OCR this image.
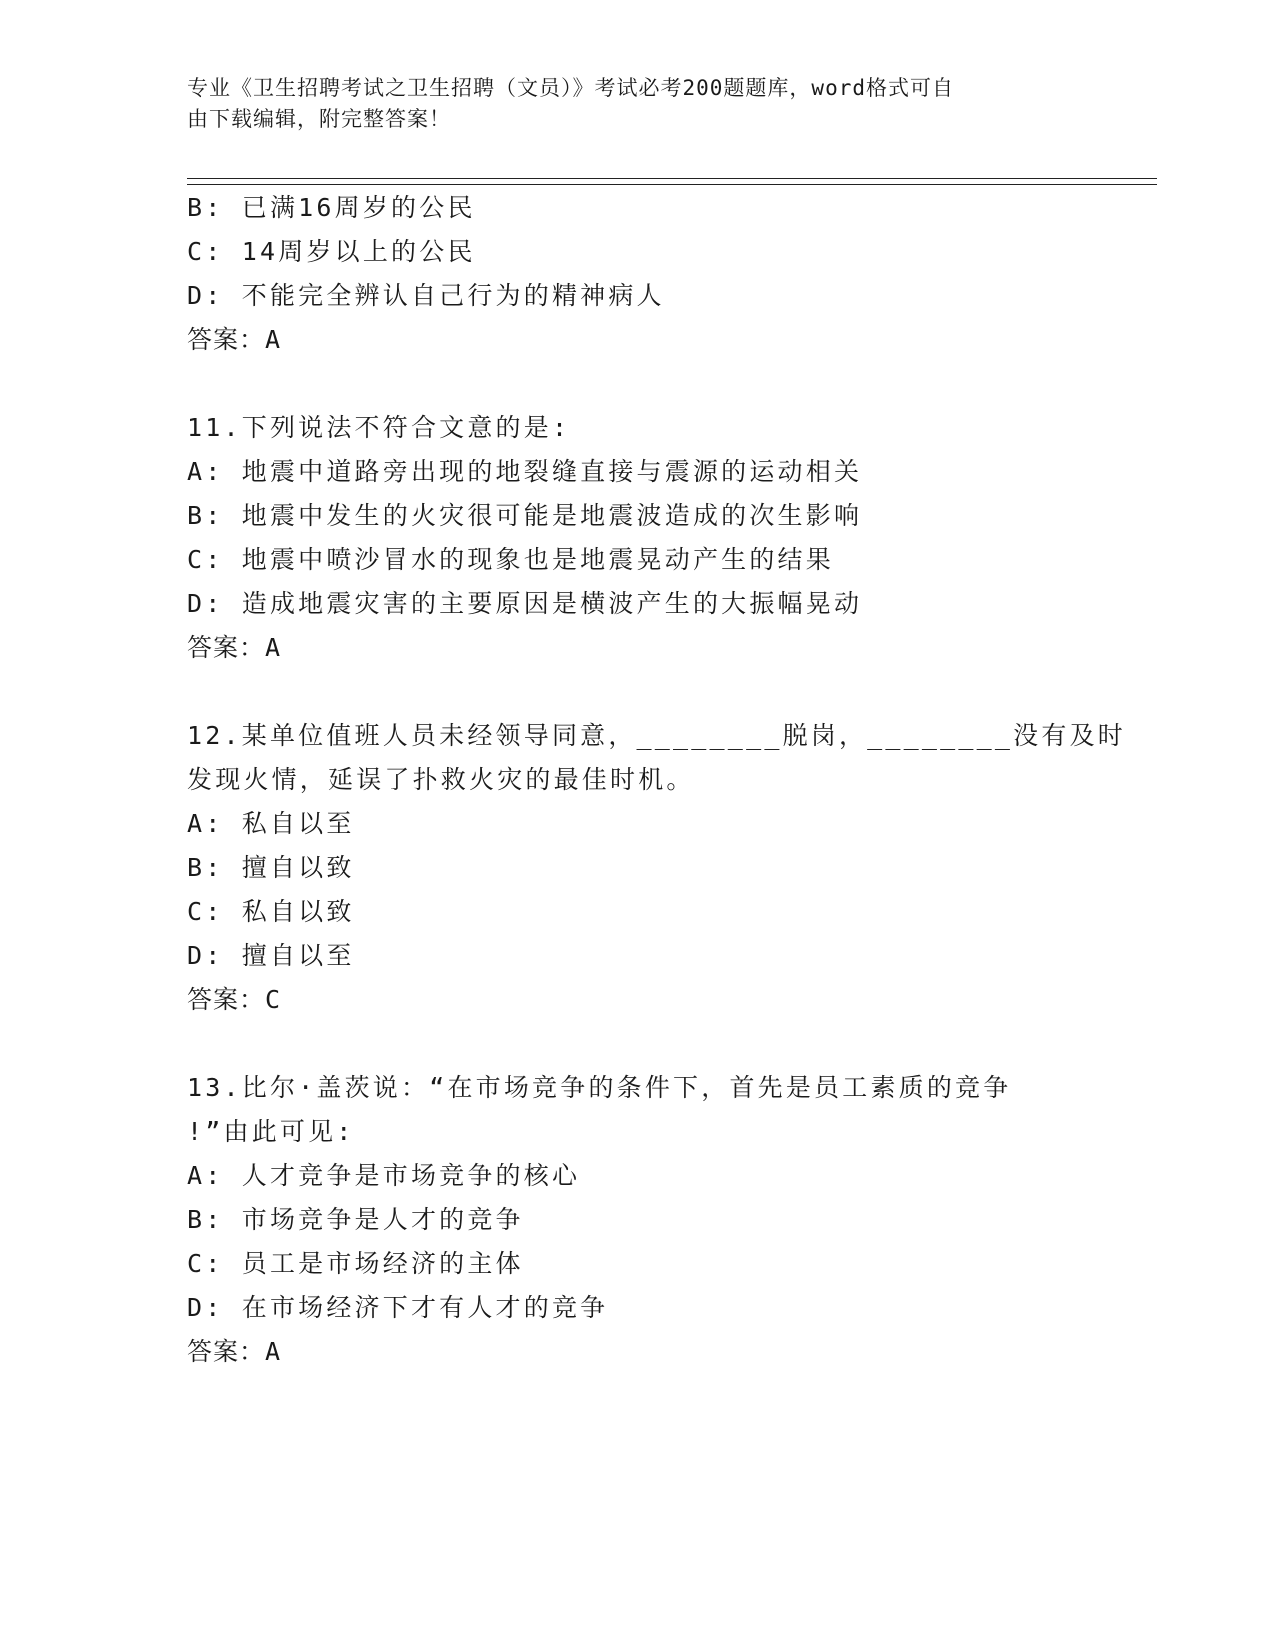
专业《卫生招聘考试之卫生招聘（文员）》考试必考200题题库，word格式可自
由下载编辑，附完整答案！
B: 已满16周岁的公民
C: 14周岁以上的公民
D: 不能完全辨认自己行为的精神病人
答案：A
11.下列说法不符合文意的是:
A: 地震中道路旁出现的地裂缝直接与震源的运动相关
B: 地震中发生的火灾很可能是地震波造成的次生影响
C: 地震中喷沙冒水的现象也是地震晃动产生的结果
D: 造成地震灾害的主要原因是横波产生的大振幅晃动
答案：A
12.某单位值班人员未经领导同意，________脱岗，________没有及时
发现火情，延误了扑救火灾的最佳时机。
A: 私自以至
B: 擅自以致
C: 私自以致
D: 擅自以至
答案：C
13.比尔·盖茨说：“在市场竞争的条件下，首先是员工素质的竞争
!”由此可见:
A: 人才竞争是市场竞争的核心
B: 市场竞争是人才的竞争
C: 员工是市场经济的主体
D: 在市场经济下才有人才的竞争
答案：A
